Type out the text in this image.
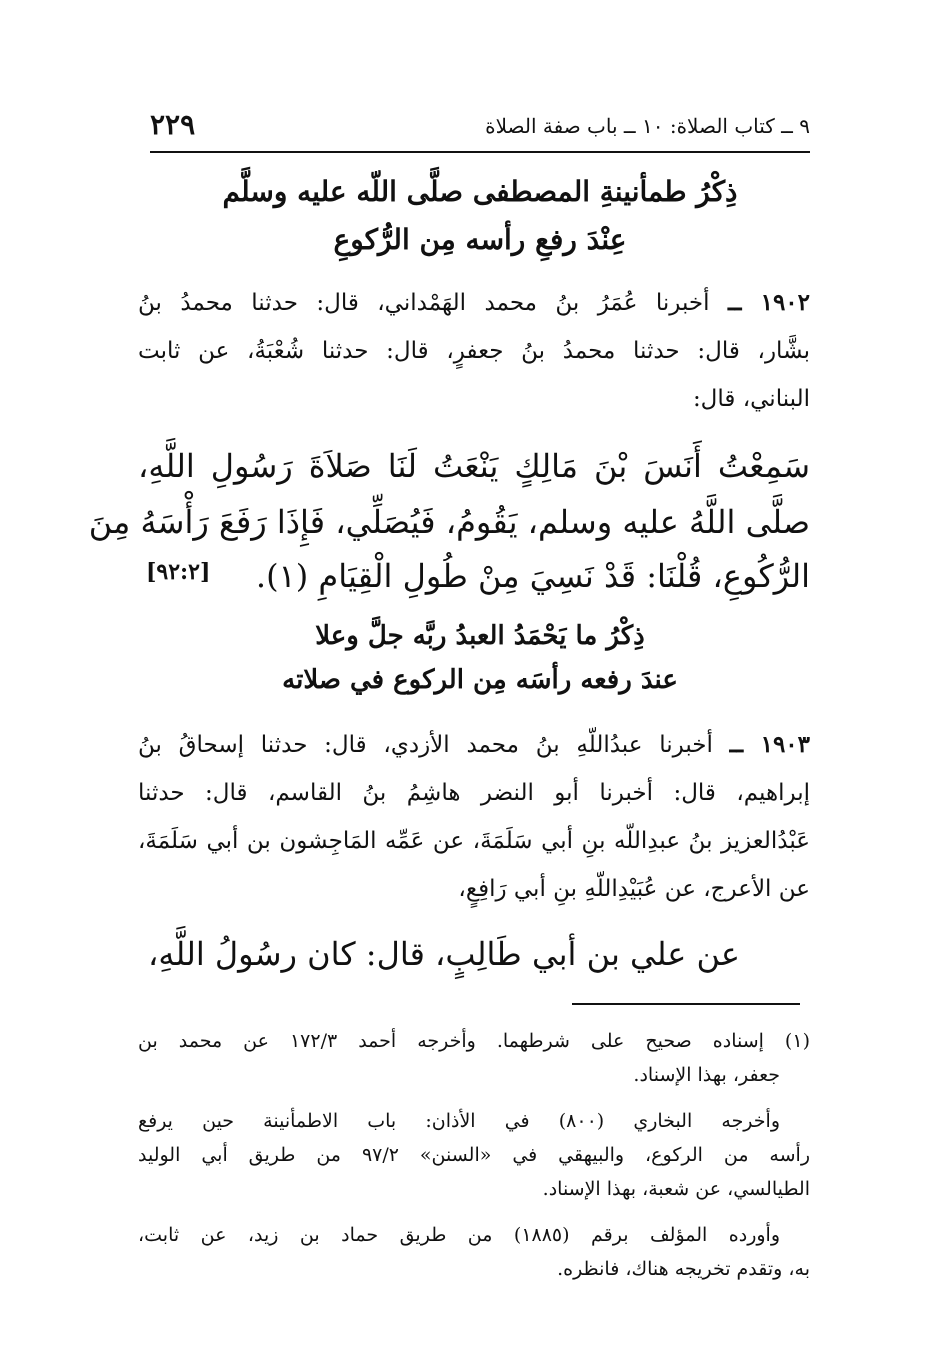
٩ ــ كتاب الصلاة: ١٠ ــ باب صفة الصلاة
٢٢٩
ذِكْرُ طمأنينةِ المصطفى صلَّى اللّه عليه وسلَّم
عِنْدَ رفعِ رأسه مِن الرُّكوعِ
١٩٠٢ ــ أخبرنا عُمَرُ بنُ محمد الهَمْداني، قال: حدثنا محمدُ بنُ
بشَّار، قال: حدثنا محمدُ بنُ جعفرٍ، قال: حدثنا شُعْبَةُ، عن ثابت
البناني، قال:
سَمِعْتُ أَنَسَ بْنَ مَالِكٍ يَنْعَتُ لَنَا صَلاَةَ رَسُولِ اللَّهِ،
صلَّى اللَّهُ عليه وسلم، يَقُومُ، فَيُصَلِّي، فَإِذَا رَفَعَ رَأْسَهُ مِنَ
الرُّكُوعِ، قُلْنَا: قَدْ نَسِيَ مِنْ طُولِ الْقِيَامِ (١).
[٩٢:٢]
ذِكْرُ ما يَحْمَدُ العبدُ ربَّه جلَّ وعلا
عندَ رفعه رأسَه مِن الركوع في صلاته
١٩٠٣ ــ أخبرنا عبدُاللّهِ بنُ محمد الأزدي، قال: حدثنا إسحاقُ بنُ
إبراهيم، قال: أخبرنا أبو النضر هاشِمُ بنُ القاسم، قال: حدثنا
عَبْدُالعزيز بنُ عبدِاللّه بنِ أبي سَلَمَةَ، عن عَمِّه المَاجِشون بن أبي سَلَمَةَ،
عن الأعرج، عن عُبَيْدِاللّهِ بنِ أبي رَافِعٍ،
عن علي بن أبي طَالِبٍ، قال: كان رسُولُ اللَّهِ،
(١) إسناده صحيح على شرطهما. وأخرجه أحمد ١٧٢/٣ عن محمد بن
جعفر، بهذا الإسناد.
وأخرجه البخاري (٨٠٠) في الأذان: باب الاطمأنينة حين يرفع
رأسه من الركوع، والبيهقي في «السنن» ٩٧/٢ من طريق أبي الوليد
الطيالسي، عن شعبة، بهذا الإسناد.
وأورده المؤلف برقم (١٨٨٥) من طريق حماد بن زيد، عن ثابت،
به، وتقدم تخريجه هناك، فانظره.
